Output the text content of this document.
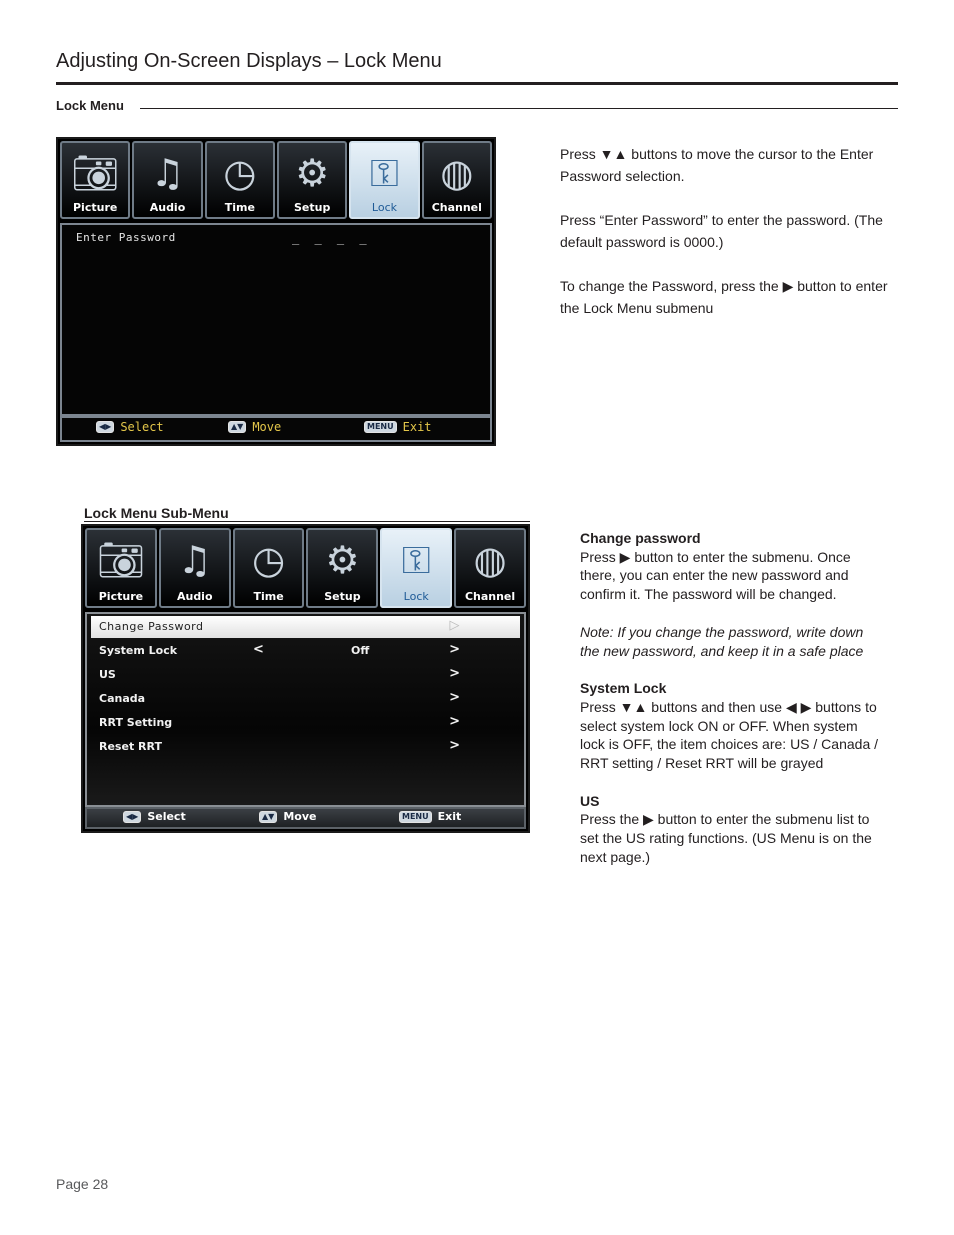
Adjusting On-Screen Displays – Lock Menu
Lock Menu
📷︎
Picture
♫
Audio
◷
Time
⚙
Setup
⚿
Lock
◍
Channel
Enter Password	_ _ _ _
◀▶ Select	▲▼ Move	MENU Exit

Press ▼▲ buttons to move the cursor to the Enter Password selection.

Press “Enter Password” to enter the password. (The default password is 0000.)

To change the Password, press the ▶ button to enter the Lock Menu submenu

Lock Menu Sub-Menu
📷︎
Picture
♫
Audio
◷
Time
⚙
Setup
⚿
Lock
◍
Channel
Change Password	▷
System Lock	<	Off	>
US	>
Canada	>
RRT Setting	>
Reset RRT	>
◀▶ Select	▲▼ Move	MENU Exit

Change password

Press ▶ button to enter the submenu. Once there, you can enter the new password and confirm it. The password will be changed.

Note: If you change the password, write down the new password, and keep it in a safe place

System Lock

Press ▼▲ buttons and then use ◀ ▶ buttons to select system lock ON or OFF. When system lock is OFF, the item choices are: US / Canada / RRT setting / Reset RRT will be grayed

US

Press the ▶ button to enter the submenu list to set the US rating functions. (US Menu is on the next page.)

Page 28
